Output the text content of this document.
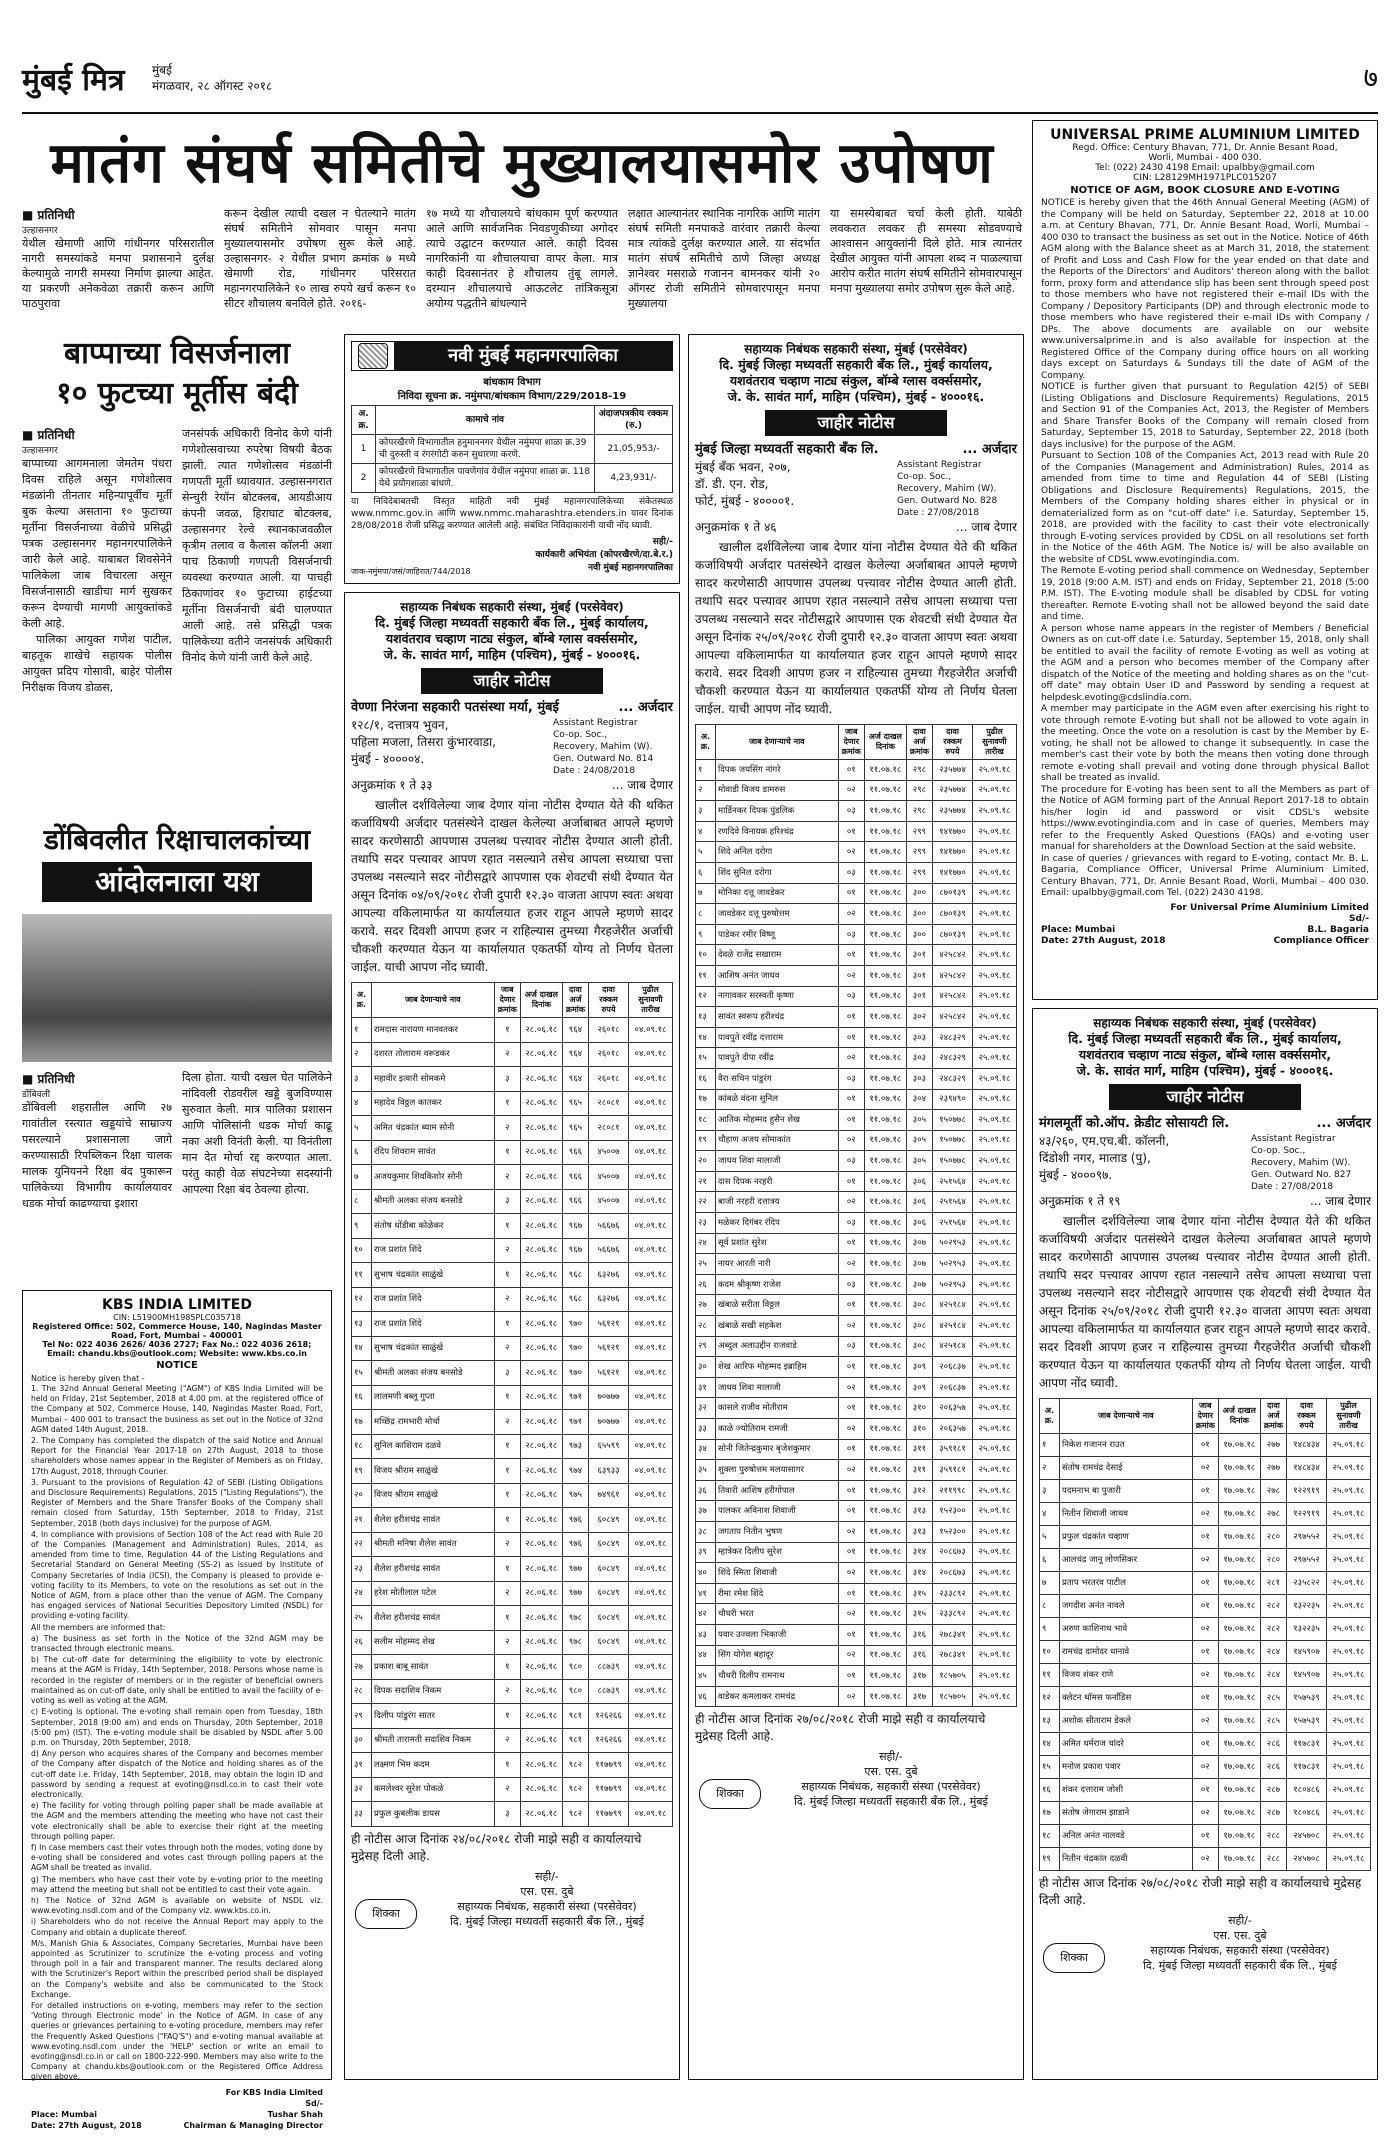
मुंबई मित्र मुंबई
मंगळवार, २८ ऑगस्ट २०१८	७
मातंग संघर्ष समितीचे मुख्यालयासमोर उपोषण
■ प्रतिनिधी
उल्हासनगर
येथील खेमाणी आणि गांधीनगर परिसरातील नागरी समस्यांकडे मनपा प्रशासनाने दुर्लक्ष केल्यामुळे नागरी समस्या निर्माण झाल्या आहेत. या प्रकरणी अनेकवेळा तक्रारी करून आणि पाठपुरावा
करून देखील त्याची दखल न घेतल्याने मातंग संघर्ष समितीने सोमवार पासून मनपा मुख्यालयासमोर उपोषण सुरू केले आहे. उल्हासनगर- २ येथील प्रभाग क्रमांक ७ मध्ये खेमाणी रोड, गांधीनगर परिसरात महानगरपालिकेने १० लाख रुपये खर्च करून १० सीटर शौचालय बनविले होते. २०१६-
१७ मध्ये या शौचालयचे बांधकाम पूर्ण करण्यात आले आणि सार्वजनिक निवडणुकीच्या अगोदर त्याचे उद्घाटन करण्यात आले. काही दिवस नागरिकांनी या शौचालयाचा वापर केला. मात्र काही दिवसानंतर हे शौचालय तुंबू लागले. दरम्यान शौचालयाचे आऊटलेट तांत्रिकसूत्रा अयोग्य पद्धतीने बांधल्याने
लक्षात आल्यानंतर स्थानिक नागरिक आणि मातंग संघर्ष समिती मनपाकडे वारंवार तक्रारी केल्या मात्र त्यांकडे दुर्लक्ष करण्यात आले. या संदर्भात मातंग संघर्ष समितीचे ठाणे जिल्हा अध्यक्ष ज्ञानेश्वर मसराळे गजानन बामनकर यांनी २० ऑगस्ट रोजी समितीने सोमवारपासून मनपा मुख्यालया
या समस्येबाबत चर्चा केली होती. याबेठी लवकरात लवकर ही समस्या सोडवण्याचे आश्वासन आयुक्तांनी दिले होते. मात्र त्यानंतर देखील आयुक्त यांनी आपला शब्द न पाळल्याचा आरोप करीत मातंग संघर्ष समितीने सोमवारपासून मनपा मुख्यालया समोर उपोषण सुरू केले आहे.
बाप्पाच्या विसर्जनाला
१० फुटच्या मूर्तीस बंदी
■ प्रतिनिधी
उल्हासनगर
बाप्पाच्या आगमनाला जेमतेम पंधरा दिवस राहिले असून गणेशोत्सव मंडळांनी तीनतार महिन्यापूर्वीच मूर्ती बुक केल्या असताना १० फुटाच्या मूर्तीना विसर्जनाच्या वेळीचे प्रसिद्धी पत्रक उल्हासनगर महानगरपालिकेने जारी केले आहे. याबाबत शिवसेनेने पालिकेला जाब विचारला असून विसर्जनासाठी खाडीचा मार्ग सुखकर करून देण्याची मागणी आयुक्तांकडे केली आहे.
पालिका आयुक्त गणेश पाटील, बाहतूक शाखेचे सहायक पोलीस आयुक्त प्रदिप गोसावी, बाहेर पोलीस निरीक्षक विजय डोळस,
जनसंपर्क अधिकारी विनोद केणे यांनी गणेशोत्सवाच्या रुपरेषा विषयी बैठक झाली. त्यात गणेशोत्सव मंडळांनी गणपती मूर्ती ध्यावयात. उल्हासनगरात सेन्चुरी रेयॉन बोटक्लब, आयडीआय कंपनी जवळ, हिराघाट बोटक्लब, उल्हासनगर रेल्वे स्थानकाजवळील कृत्रीम तलाव व कैलास कॉलनी अशा पाच ठिकाणी गणपती विसर्जनाची व्यवस्था करण्यात आली. या पाचही ठिकाणांवर १० फुटाच्या हाईटच्या मूर्तीना विसर्जनाची बंदी घालण्यात आली आहे. तसे प्रसिद्धी पत्रक पालिकेच्या वतीने जनसंपर्क अधिकारी विनोद केणे यांनी जारी केले आहे.
डोंबिवलीत रिक्षाचालकांच्या
आंदोलनाला यश
■ प्रतिनिधी
डोंबिवली
डोंबिवली शहरातील आणि २७ गावांतील रस्त्यात खड्डयांचे साम्राज्य पसरल्याने प्रशासनाला जागे करण्यासाठी रिपब्लिकन रिक्षा चालक मालक युनियनने रिक्षा बंद पुकारून पालिकेच्या विभागीय कार्यालयावर धडक मोर्चा काढण्याचा इशारा
दिला होता. याची दखल घेत पालिकेने नांदिवली रोडवरील खड्डे बुजविण्यास सुरुवात केली. मात्र पालिका प्रशासन आणि पोलिसांनी धडक मोर्चा काढू नका अशी विनंती केली. या विनंतीला मान देत मोर्चा रद्द करण्यात आला. परंतु काही वेळ संघटनेच्या सदस्यांनी आपल्या रिक्षा बंद ठेवल्या होत्या.
KBS INDIA LIMITED
CIN: L51900MH1985PLC035718
Registered Office: 502, Commerce House, 140, Nagindas Master Road, Fort, Mumbai – 400001
Tel No: 022 4036 2626/ 4036 2727; Fax No.: 022 4036 2618;
Email: chandu.kbs@outlook.com; Website: www.kbs.co.in
NOTICE
Notice is hereby given that -
1. The 32nd Annual General Meeting ("AGM") of KBS India Limited will be held on Friday, 21st September, 2018 at 4.00 pm. at the registered office of the Company at 502, Commerce House, 140, Nagindas Master Road, Fort, Mumbai – 400 001 to transact the business as set out in the Notice of 32nd AGM dated 14th August, 2018.
2. The Company has completed the dispatch of the said Notice and Annual Report for the Financial Year 2017-18 on 27th August, 2018 to those shareholders whose names appear in the Register of Members as on Friday, 17th August, 2018, through Courier.
3. Pursuant to the provisions of Regulation 42 of SEBI (Listing Obligations and Disclosure Requirements) Regulations, 2015 ("Listing Regulations"), the Register of Members and the Share Transfer Books of the Company shall remain closed from Saturday, 15th September, 2018 to Friday, 21st September, 2018 (both days inclusive) for the purpose of AGM.
4. In compliance with provisions of Section 108 of the Act read with Rule 20 of the Companies (Management and Administration) Rules, 2014, as amended from time to time, Regulation 44 of the Listing Regulations and Secretarial Standard on General Meeting (SS-2) as issued by Institute of Company Secretaries of India (ICSI), the Company is pleased to provide e-voting facility to its Members, to vote on the resolutions as set out in the Notice of AGM, from a place other than the venue of AGM. The Company has engaged services of National Securities Depository Limited (NSDL) for providing e-voting facility.
All the members are informed that:
a) The business as set forth in the Notice of the 32nd AGM may be transacted through electronic means.
b) The cut-off date for determining the eligibility to vote by electronic means at the AGM is Friday, 14th September, 2018. Persons whose name is recorded in the register of members or in the register of beneficial owners maintained as on cut-off date, only shall be entitled to avail the facility of e-voting as well as voting at the AGM.
c) E-voting is optional. The e-voting shall remain open from Tuesday, 18th September, 2018 (9:00 am) and ends on Thursday, 20th September, 2018 (5:00 pm) (IST). The e-voting module shall be disabled by NSDL after 5.00 p.m. on Thursday, 20th September, 2018.
d) Any person who acquires shares of the Company and becomes member of the Company after dispatch of the Notice and holding shares as of the cut-off date i.e. Friday, 14th September, 2018, may obtain the login ID and password by sending a request at evoting@nsdl.co.in to cast their vote electronically.
e) The facility for voting through polling paper shall be made available at the AGM and the members attending the meeting who have not cast their vote electronically shall be able to exercise their right at the meeting through polling paper.
f) In case members cast their votes through both the modes, voting done by e-voting shall be considered and votes cast through polling papers at the AGM shall be treated as invalid.
g) The members who have cast their vote by e-voting prior to the meeting may attend the meeting but shall not be entitled to cast their vote again.
h) The Notice of 32nd AGM is available on website of NSDL viz. www.evoting.nsdl.com and of the Company viz. www.kbs.co.in.
i) Shareholders who do not receive the Annual Report may apply to the Company and obtain a duplicate thereof.
M/s. Manish Ghia & Associates, Company Secretaries, Mumbai have been appointed as Scrutinizer to scrutinize the e-voting process and voting through poll in a fair and transparent manner. The results declared along with the Scrutinizer's Report within the prescribed period shall be displayed on the Company's website and also be communicated to the Stock Exchange.
For detailed instructions on e-voting, members may refer to the section 'Voting through Electronic mode' in the Notice of AGM. In case of any queries or grievances pertaining to e-voting procedure, members may refer the Frequently Asked Questions ("FAQ'S") and e-voting manual available at www.evoting.nsdl.com under the 'HELP' section or write an email to evoting@nsdl.co.in or call on 1800-222-990. Members may also write to the Company at chandu.kbs@outlook.com or the Registered Office Address given above.
For KBS India Limited
Sd/-
Place: Mumbai	Tushar Shah
Date: 27th August, 2018	Chairman & Managing Director
नवी मुंबई महानगरपालिका
बांधकाम विभाग
निविदा सूचना क्र. नमुंमपा/बांधकाम विभाग/229/2018-19
अ. क्र.	कामाचे नांव	अंदाजपत्रकीय रक्कम (रु.)
1	कोपरखैरणे विभागातील हनुमाननगर येथील नमुंमपा शाळा क्र.39 ची दुरुस्ती व रंगरंगोटी करुन सुधारणा करणे.	21,05,953/-
2	कोपरखैरणे विभागातील पावणेगांव येथील नमुंमपा शाळा क्र. 118 येथे प्रयोगशाळा बांधणे.	4,23,931/-
या निविदेबाबतची विस्तृत माहिती नवी मुंबई महानगरपालिकेच्या संकेतस्थळ www.nmmc.gov.in आणि www.nmmc.maharashtra.etenders.in यावर दिनांक 28/08/2018 रोजी प्रसिद्ध करण्यात आलेली आहे. संबंधित निविदाकारांनी याची नोंद घ्यावी.
सही/-
कार्यकारी अभियंता (कोपरखैरणे/दा.बे.र.)
नवी मुंबई महानगरपालिका
जाक-नमुंमपा/जसं/जाहिरात/744/2018
सहाय्यक निबंधक सहकारी संस्था, मुंबई (परसेवेवर)
दि. मुंबई जिल्हा मध्यवर्ती सहकारी बँक लि., मुंबई कार्यालय,
यशवंतराव चव्हाण नाट्य संकुल, बॉम्बे ग्लास वर्क्ससमोर,
जे. के. सावंत मार्ग, माहिम (पश्चिम), मुंबई - ४०००१६.
जाहीर नोटीस
वेण्णा निरंजना सहकारी पतसंस्था मर्या, मुंबई	... अर्जदार
१२८/१, दत्तात्रय भुवन,
पहिला मजला, तिसरा कुंभारवाडा,
मुंबई - ४००००४.
Assistant Registrar
Co-op. Soc.,
Recovery, Mahim (W).
Gen. Outward No. 814
Date : 24/08/2018
अनुक्रमांक १ ते ३३	... जाब देणार
खालील दर्शविलेल्या जाब देणार यांना नोटीस देण्यात येते की थकित कर्जाविषयी अर्जदार पतसंस्थेने दाखल केलेल्या अर्जाबाबत आपले म्हणणे सादर करणेसाठी आपणास उपलब्ध पत्त्यावर नोटीस देण्यात आली होती. तथापि सदर पत्त्यावर आपण रहात नसल्याने तसेच आपला सध्याचा पत्ता उपलब्ध नसल्याने सदर नोटीसद्वारे आपणास एक शेवटची संधी देण्यात येत असून दिनांक ०४/०९/२०१८ रोजी दुपारी १२.३० वाजता आपण स्वतः अथवा आपल्या वकिलामार्फत या कार्यालयात हजर राहून आपले म्हणणे सादर करावे. सदर दिवशी आपण हजर न राहिल्यास तुमच्या गैरहजेरीत अर्जाची चौकशी करण्यात येऊन या कार्यालयात एकतर्फी योग्य तो निर्णय घेतला जाईल. याची आपण नोंद घ्यावी.
अ. क्र.	जाब देणाऱ्याचे नाव	जाब देणार क्रमांक	अर्ज दाखल दिनांक	दावा अर्ज क्रमांक	दावा रक्कम रुपये	पुढील सुनावणी तारीख
१	रामदास नारायण मानवतकर	१	२८.०६.१८	९६४	२६०१८	०४.०९.१८
२	दशरत तोलाराम वरूडकर	२	२८.०६.१८	९६४	२६०१८	०४.०९.१८
३	महावीर इत्वारी सोमकमे	३	२८.०६.१८	९६४	२६०१८	०४.०९.१८
४	महादेव विठ्ठल कातकर	१	२८.०६.१८	९६५	२८०८१	०४.०९.१८
५	अमित चंद्रकांत ब्याम सोनी	२	२८.०६.१८	९६५	२८०८१	०४.०९.१८
६	रंदिप शिवराम सावंत	१	२८.०६.१८	९६६	४५००७	०४.०९.१८
७	अजयकुमार शिवकिशोर सोनी	२	२८.०६.१८	९६६	४५००७	०४.०९.१८
८	श्रीमती अलका संजय बनसोडे	३	२८.०६.१८	९६६	४५००७	०४.०९.१८
९	संतोष धोंडीबा कोळेकर	१	२८.०६.१८	९६७	५६६७६	०४.०९.१८
१०	राज प्रशांत शिंदे	२	२८.०६.१८	९६७	५६६७६	०४.०९.१८
११	सुभाष चंद्रकांत साळुंखे	१	२८.०६.१८	९६८	६३२७६	०४.०९.१८
१२	राज प्रशांत शिंदे	२	२८.०६.१८	९६८	६३२७६	०४.०९.१८
१३	राज प्रशांत शिंदे	१	२८.०६.१८	९७०	५६१२१	०४.०९.१८
१४	सुभाष चंद्रकांत साळुंखे	२	२८.०६.१८	९७०	५६१२१	०४.०९.१८
१५	श्रीमती अलका संजय बनसोडे	३	२८.०६.१८	९७०	५६१२१	०४.०९.१८
१६	लालमणी बब्लू गुप्ता	१	२८.०६.१८	९७१	७०७७७	०४.०९.१८
१७	मच्छिंद्र रामभारी मोर्चा	२	२८.०६.१८	९७१	७०७७७	०४.०९.१८
१८	सुनिल काशिराम दळवे	१	२८.०६.१८	९७३	६५५९९	०४.०९.१८
१९	विजय श्रीराम साळुंखे	१	२८.०६.१८	९७४	६३९३३	०४.०९.१८
२०	विजय श्रीराम साळुंखे	१	२८.०६.१८	९७५	७४९६१	०४.०९.१८
२१	शैलेश हरीशचंद्र सावंत	१	२८.०६.१८	९७६	६०८४९	०४.०९.१८
२२	श्रीमती मनिषा शैलेश सावंत	२	२८.०६.१८	९७६	६०८४९	०४.०९.१८
२३	शैलेश हरीशचंद्र सावंत	१	२८.०६.१८	९७७	६०८४९	०४.०९.१८
२४	हरेश मोतीलाल पटेल	२	२८.०६.१८	९७७	६०८४९	०४.०९.१८
२५	शैलेश हरीशचंद्र सावंत	१	२८.०६.१८	९७८	६०८४९	०४.०९.१८
२६	सलीम मोहम्मद शेख	२	२८.०६.१८	९७८	६०८४९	०४.०९.१८
२७	प्रकाश बाबू सावंत	१	२८.०६.१८	९८०	८८७३९	०४.०९.१८
२८	दिपक सदाशिव निकम	२	२८.०६.१८	९८०	८८७३९	०४.०९.१८
२९	दिलीप पांडुरंग सातर	१	२८.०६.१८	९८१	१२६२६६	०४.०९.१८
३०	श्रीमती तारामती सदाशिव निकम	२	२८.०६.१८	९८१	१२६२६६	०४.०९.१८
३१	लक्ष्मण भिम कदम	१	२८.०६.१८	९८२	११७७९९	०४.०९.१८
३२	कमलेश्वर सुरेश पोकळे	२	२८.०६.१८	९८२	११७७९९	०४.०९.१८
३३	प्रफुल कुबलीक डायस	३	२८.०६.१८	९८२	११७७९९	०४.०९.१८
ही नोटीस आज दिनांक २४/०८/२०१८ रोजी माझे सही व कार्यालयाचे मुद्रेसह दिली आहे.
शिक्का
सही/-
एस. एस. दुबे
सहाय्यक निबंधक, सहकारी संस्था (परसेवेवर)
दि. मुंबई जिल्हा मध्यवर्ती सहकारी बँक लि., मुंबई
सहाय्यक निबंधक सहकारी संस्था, मुंबई (परसेवेवर)
दि. मुंबई जिल्हा मध्यवर्ती सहकारी बँक लि., मुंबई कार्यालय,
यशवंतराव चव्हाण नाट्य संकुल, बॉम्बे ग्लास वर्क्ससमोर,
जे. के. सावंत मार्ग, माहिम (पश्चिम), मुंबई - ४०००१६.
जाहीर नोटीस
मुंबई जिल्हा मध्यवर्ती सहकारी बँक लि.	... अर्जदार
मुंबई बँक भवन, २०७,
डॉ. डी. एन. रोड,
फोर्ट, मुंबई - ४००००१.
Assistant Registrar
Co-op. Soc.,
Recovery, Mahim (W).
Gen. Outward No. 828
Date : 27/08/2018
अनुक्रमांक १ ते ४६	... जाब देणार
खालील दर्शविलेल्या जाब देणार यांना नोटीस देण्यात येते की थकित कर्जाविषयी अर्जदार पतसंस्थेने दाखल केलेल्या अर्जाबाबत आपले म्हणणे सादर करणेसाठी आपणास उपलब्ध पत्त्यावर नोटीस देण्यात आली होती. तथापि सदर पत्त्यावर आपण रहात नसल्याने तसेच आपला सध्याचा पत्ता उपलब्ध नसल्याने सदर नोटीसद्वारे आपणास एक शेवटची संधी देण्यात येत असून दिनांक २५/०९/२०१८ रोजी दुपारी १२.३० वाजता आपण स्वतः अथवा आपल्या वकिलामार्फत या कार्यालयात हजर राहून आपले म्हणणे सादर करावे. सदर दिवशी आपण हजर न राहिल्यास तुमच्या गैरहजेरीत अर्जाची चौकशी करण्यात येऊन या कार्यालयात एकतर्फी योग्य तो निर्णय घेतला जाईल. याची आपण नोंद घ्यावी.
अ. क्र.	जाब देणाऱ्याचे नाव	जाब देणार क्रमांक	अर्ज दाखल दिनांक	दावा अर्ज क्रमांक	दावा रक्कम रुपये	पुढील सुनावणी तारीख
१	दिपक जयसिंग नांगरे	०१	११.०७.१८	२९८	२३५७७४	२५.०९.१८
२	मोवाडी विजय डामरुस	०२	११.०७.१८	२९८	२३५७७४	२५.०९.१८
३	मार्डिनकर दिपक पुंडलिक	०३	११.०७.१८	२९८	२३५७७४	२५.०९.१८
४	रणदिवे विनायक हरिश्चंद्र	०१	११.०७.१८	२९९	१४१७७०	२५.०९.१८
५	शिंदे अनिल दरोगा	०२	११.०७.१८	२९९	१४१७७०	२५.०९.१८
६	शिंद सुनिल दरोगा	०३	११.०७.१८	२९९	१४१७७०	२५.०९.१८
७	मोनिका दत्तू जावडेकर	०१	११.०७.१८	३००	८७०१३९	२५.०९.१८
८	जावडेकर दत्तू पुरुषोत्तम	०२	११.०७.१८	३००	८७०१३९	२५.०९.१८
९	पाडेकर रमीर विष्णू	०३	११.०७.१८	३००	८७०१३९	२५.०९.१८
१०	देवळे राजेंद्र सखाराम	०१	११.०७.१८	३०१	४२५८४२	२५.०९.१८
११	आशिष अनंत जाधव	०२	११.०७.१८	३०१	४२५८४२	२५.०९.१८
१२	नागावकर सरस्वती कृष्णा	०३	११.०७.१८	३०१	४२५८४२	२५.०९.१८
१३	सावंत स्वरूप हरीश्चंद्र	०१	११.०७.१८	३०२	४२५८४२	२५.०९.१८
१४	पावपुते रवींद्र दत्ताराम	०१	११.०७.१८	३०३	२४८३२९	२५.०९.१८
१५	पावपुते दीपा रवींद्र	०२	११.०७.१८	३०३	२४८३२९	२५.०९.१८
१६	वैरा सचिन पांडुरंग	०३	११.०७.१८	३०३	२४८३२९	२५.०९.१८
१७	कांबळे वंदना सुनिल	०१	११.०७.१८	३०४	२३९४९०	२५.०९.१८
१८	आतिक मोहम्मद हुसैन शेख	०१	११.०७.१८	३०५	१५०७७८	२५.०९.१८
१९	चौहाण अजय सोमाकांत	०२	११.०७.१८	३०५	१५०७७८	२५.०९.१८
२०	जाधव शिवा मालाजी	०३	११.०७.१८	३०५	१५०७७८	२५.०९.१८
२१	दास दिपक नरहरी	०१	११.०७.१८	३०६	२५१५६४	२५.०९.१८
२२	बाजी नरहरी दत्तात्रय	०२	११.०७.१८	३०६	२५१५६४	२५.०९.१८
२३	मळेकर दिगंबर रंदिप	०३	११.०७.१८	३०६	२५१५६४	२५.०९.१८
२४	सूर्व प्रशांत सुरेश	०१	११.०७.१८	३०७	५०२९५३	२५.०९.१८
२५	नायर आरती नारी	०२	११.०७.१८	३०७	५०२९५३	२५.०९.१८
२६	कदम श्रीकृष्ण राजेश	०३	११.०७.१८	३०७	५०२९५३	२५.०९.१८
२७	खंबाळे सरीता विठ्ठल	०१	११.०७.१८	३०८	४२५१८४	२५.०९.१८
२८	खंबाळे सखी सहकेश	०२	११.०७.१८	३०८	४२५१८४	२५.०९.१८
२९	अब्दुल अलाउद्दीन राजवाडे	०३	११.०७.१८	३०८	४२५१८४	२५.०९.१८
३०	शेख आरिफ मोहम्मद इब्राहिम	०१	११.०७.१८	३०९	२०६८३७	२५.०९.१८
३१	जाधव शिवा मालाजी	०२	११.०७.१८	३०९	२०६८३७	२५.०९.१८
३२	कासले राजीव मोतीराम	०१	११.०७.१८	३१०	२०६३५७	२५.०९.१८
३३	काळे ज्योतिराम रामजी	०२	११.०७.१८	३१०	२०६३५७	२५.०९.१८
३४	सोनी जितेन्द्रकुमार बृजेशकुमार	०१	११.०७.१८	३११	३५९१८१	२५.०९.१८
३५	शुक्ला पुरुषोत्तम मलयासागर	०२	११.०७.१८	३११	३५९१८१	२५.०९.१८
३६	तिवारी आशिष हरीगोपाल	०१	११.०७.१८	३१२	२११९९८	२५.०९.१८
३७	पालकर अविनाश शिवाजी	०१	११.०७.१८	३१३	१५२३००	२५.०९.१८
३८	जगताप नितीन भुषण	०२	११.०७.१८	३१३	१५२३००	२५.०९.१८
३९	म्हात्रेकर दिलीप सुरेश	०१	११.०७.१८	३१४	२०८६७३	२५.०९.१८
४०	शिंदे स्मिता शिवाजी	०२	११.०७.१८	३१४	२०८६७३	२५.०९.१८
४१	रीमा रमेश शिंदे	०१	११.०७.१८	३१५	२३३८९२	२५.०९.१८
४२	चौधरी भरत	०२	११.०७.१८	३१५	२३३८९२	२५.०९.१८
४३	पवार उज्वला भिकाजी	०१	११.०७.१८	३१६	२७८३४१	२५.०९.१८
४४	सिंग योगेश बहादूर	०२	११.०७.१८	३१६	२७८३४१	२५.०९.१८
४५	चौधरी दिलीप रामनाथ	०१	११.०७.१८	३१७	१८५७०५	२५.०९.१८
४६	वाडेकर कमलाकर रामचंद्र	०२	११.०७.१८	३१७	१८५७०५	२५.०९.१८
ही नोटीस आज दिनांक २७/०८/२०१८ रोजी माझे सही व कार्यालयाचे मुद्रेसह दिली आहे.
शिक्का
सही/-
एस. एस. दुबे
सहाय्यक निबंधक, सहकारी संस्था (परसेवेवर)
दि. मुंबई जिल्हा मध्यवर्ती सहकारी बँक लि., मुंबई
UNIVERSAL PRIME ALUMINIUM LIMITED
Regd. Office: Century Bhavan, 771, Dr. Annie Besant Road,
Worli, Mumbai - 400 030.
Tel: (022) 2430 4198 Email: upalbby@gmail.com
CIN: L28129MH1971PLC015207
NOTICE OF AGM, BOOK CLOSURE AND E-VOTING
NOTICE is hereby given that the 46th Annual General Meeting (AGM) of the Company will be held on Saturday, September 22, 2018 at 10.00 a.m. at Century Bhavan, 771, Dr. Annie Besant Road, Worli, Mumbai – 400 030 to transact the business as set out in the Notice. Notice of 46th AGM along with the Balance sheet as at March 31, 2018, the statement of Profit and Loss and Cash Flow for the year ended on that date and the Reports of the Directors' and Auditors' thereon along with the ballot form, proxy form and attendance slip has been sent through speed post to those members who have not registered their e-mail IDs with the Company / Depository Participants (DP) and through electronic mode to those members who have registered their e-mail IDs with Company / DPs. The above documents are available on our website www.universalprime.in and is also available for inspection at the Registered Office of the Company during office hours on all working days except on Saturdays & Sundays till the date of AGM of the Company.
NOTICE is further given that pursuant to Regulation 42(5) of SEBI (Listing Obligations and Disclosure Requirements) Regulations, 2015 and Section 91 of the Companies Act, 2013, the Register of Members and Share Transfer Books of the Company will remain closed from Saturday, September 15, 2018 to Saturday, September 22, 2018 (both days inclusive) for the purpose of the AGM.
Pursuant to Section 108 of the Companies Act, 2013 read with Rule 20 of the Companies (Management and Administration) Rules, 2014 as amended from time to time and Regulation 44 of SEBI (Listing Obligations and Disclosure Requirements) Regulations, 2015, the Members of the Company holding shares either in physical or in dematerialized form as on "cut-off date" i.e. Saturday, September 15, 2018, are provided with the facility to cast their vote electronically through E-voting services provided by CDSL on all resolutions set forth in the Notice of the 46th AGM. The Notice is/ will be also available on the website of CDSL www.evotingindia.com.
The Remote E-voting period shall commence on Wednesday, September 19, 2018 (9:00 A.M. IST) and ends on Friday, September 21, 2018 (5:00 P.M. IST). The E-voting module shall be disabled by CDSL for voting thereafter. Remote E-voting shall not be allowed beyond the said date and time.
A person whose name appears in the register of Members / Beneficial Owners as on cut-off date i.e. Saturday, September 15, 2018, only shall be entitled to avail the facility of remote E-voting as well as voting at the AGM and a person who becomes member of the Company after dispatch of the Notice of the meeting and holding shares as on the "cut-off date" may obtain User ID and Password by sending a request at helpdesk.evoting@cdslindia.com.
A member may participate in the AGM even after exercising his right to vote through remote E-voting but shall not be allowed to vote again in the meeting. Once the vote on a resolution is cast by the Member by E-voting, he shall not be allowed to change it subsequently. In case the member's cast their vote by both the means then voting done through remote e-voting shall prevail and voting done through physical Ballot shall be treated as invalid.
The procedure for E-voting has been sent to all the Members as part of the Notice of AGM forming part of the Annual Report 2017-18 to obtain his/her login id and password or visit CDSL's website https://www.evotingindia.com and in case of queries, Members may refer to the Frequently Asked Questions (FAQs) and e-voting user manual for shareholders at the Download Section at the said website.
In case of queries / grievances with regard to E-voting, contact Mr. B. L. Bagaria, Compliance Officer, Universal Prime Aluminium Limited, Century Bhavan, 771, Dr. Annie Besant Road, Worli, Mumbai – 400 030. Email: upalbby@gmail.com Tel. (022) 2430 4198.
For Universal Prime Aluminium Limited
Sd/-
Place: Mumbai	B.L. Bagaria
Date: 27th August, 2018	Compliance Officer
सहाय्यक निबंधक सहकारी संस्था, मुंबई (परसेवेवर)
दि. मुंबई जिल्हा मध्यवर्ती सहकारी बँक लि., मुंबई कार्यालय,
यशवंतराव चव्हाण नाट्य संकुल, बॉम्बे ग्लास वर्क्ससमोर,
जे. के. सावंत मार्ग, माहिम (पश्चिम), मुंबई - ४०००१६.
जाहीर नोटीस
मंगलमूर्ती को.ऑप. क्रेडीट सोसायटी लि.	... अर्जदार
४३/२६०, एम.एच.बी. कॉलनी,
दिंडोशी नगर, मालाड (पु),
मुंबई - ४०००९७.
Assistant Registrar
Co-op. Soc.,
Recovery, Mahim (W).
Gen. Outward No. 827
Date : 27/08/2018
अनुक्रमांक १ ते १९	... जाब देणार
खालील दर्शविलेल्या जाब देणार यांना नोटीस देण्यात येते की थकित कर्जाविषयी अर्जदार पतसंस्थेने दाखल केलेल्या अर्जाबाबत आपले म्हणणे सादर करणेसाठी आपणास उपलब्ध पत्त्यावर नोटीस देण्यात आली होती. तथापि सदर पत्त्यावर आपण रहात नसल्याने तसेच आपला सध्याचा पत्ता उपलब्ध नसल्याने सदर नोटीसद्वारे आपणास एक शेवटची संधी देण्यात येत असून दिनांक २५/०९/२०१८ रोजी दुपारी १२.३० वाजता आपण स्वतः अथवा आपल्या वकिलामार्फत या कार्यालयात हजर राहून आपले म्हणणे सादर करावे. सदर दिवशी आपण हजर न राहिल्यास तुमच्या गैरहजेरीत अर्जाची चौकशी करण्यात येऊन या कार्यालयात एकतर्फी योग्य तो निर्णय घेतला जाईल. याची आपण नोंद घ्यावी.
अ. क्र.	जाब देणाऱ्याचे नाव	जाब देणार क्रमांक	अर्ज दाखल दिनांक	दावा अर्ज क्रमांक	दावा रक्कम रुपये	पुढील सुनावणी तारीख
१	निकेश गजानन राउत	०१	१७.०७.१८	२७७	१४८४३४	२५.०९.१८
२	संतोष रामचंद्र देसाई	०२	१७.०७.१८	२७७	१४८४३४	२५.०९.१८
३	पदमनाभ बा पुजारी	०१	१७.०७.१८	२७८	१२२९१९	२५.०९.१८
४	नितीन शिवाजी जाधव	०२	१७.०७.१८	२७८	१२२९१९	२५.०९.१८
५	प्रफुल चंद्रकांत चव्हाण	०१	१७.०७.१८	२८०	२९७५५२	२५.०९.१८
६	आलचंद्र जानू लोणसिकर	०२	१७.०७.१८	२८०	२९७५५२	२५.०९.१८
७	प्रताप भरतरव पाटील	०१	१७.०७.१८	२८१	२३५८२२	२५.०९.१८
८	जगदीश अनंत नावले	०१	१७.०७.१८	२८२	१३२२३५	२५.०९.१८
९	अरुण काशिनाथ भावे	०२	१७.०७.१८	२८२	१३२२३५	२५.०९.१८
१०	रामचंद्र दामोदर धानावे	०१	१७.०७.१८	२८४	१४५९०७	२५.०९.१८
११	विजय शंकर राणे	०२	१७.०७.१८	२८४	१४५९०७	२५.०९.१८
१२	क्लेटन थॉमस फर्नांडिस	०१	१७.०७.१८	२८५	१५७५३९	२५.०९.१८
१३	अशोक सीताराम डेकले	०२	१७.०७.१८	२८५	१५७५३९	२५.०९.१८
१४	अमित धर्मराज चांदरे	०१	१७.०७.१८	२८६	११७८३१	२५.०९.१८
१५	मनोज प्रकाश पवार	०२	१७.०७.१८	२८६	११७८३१	२५.०९.१८
१६	शंकर दत्ताराम जोशी	०१	१७.०७.१८	२८७	१८०४८६	२५.०९.१८
१७	संतोष जेगाराम झाडाने	०२	१७.०७.१८	२८७	१८०४८६	२५.०९.१८
१८	अनिल अनंत नालवडे	०१	१७.०७.१८	२८८	२४५७०८	२५.०९.१८
१९	नितीन चंद्रकांत दळवी	०२	१७.०७.१८	२८८	२४५७०८	२५.०९.१८
ही नोटीस आज दिनांक २७/०८/२०१८ रोजी माझे सही व कार्यालयाचे मुद्रेसह दिली आहे.
शिक्का
सही/-
एस. एस. दुबे
सहाय्यक निबंधक, सहकारी संस्था (परसेवेवर)
दि. मुंबई जिल्हा मध्यवर्ती सहकारी बँक लि., मुंबई
